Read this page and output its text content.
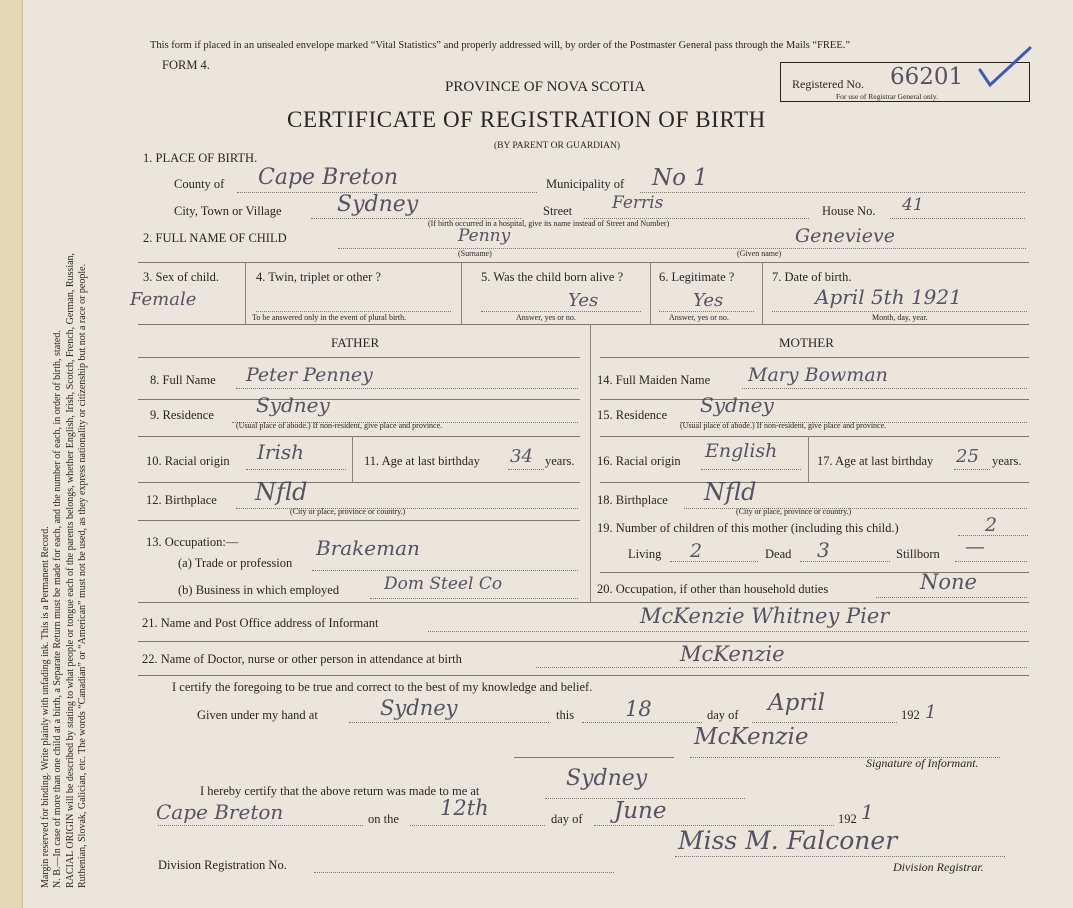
Margin reserved for binding. Write plainly with unfading ink. This is a Permanent Record. N. B.—In case of more than one child at a birth, a Separate Return must be made for each, and the number of each, in order of birth, stated. RACIAL ORIGIN will be described by stating to what people or tongue each of the parents belongs, whether English, Irish, Scotch, French, German, Russian, Ruthenian, Slovak, Galician, etc. The words “Canadian” or “American” must not be used, as they express nationality or citizenship but not a race or people.
This form if placed in an unsealed envelope marked “Vital Statistics” and properly addressed will, by order of the Postmaster General pass through the Mails “FREE.”
FORM 4.
PROVINCE OF NOVA SCOTIA
CERTIFICATE OF REGISTRATION OF BIRTH
(BY PARENT OR GUARDIAN)
Registered No. 66201
For use of Registrar General only.
1. PLACE OF BIRTH.
County of Cape Breton	Municipality of No 1
City, Town or Village	Sydney	Street Ferris	House No. 41
(If birth occurred in a hospital, give its name instead of Street and Number)
2. FULL NAME OF CHILD	Penny	Genevieve
(Surname)	(Given name)
3. Sex of child.
Female
4. Twin, triplet or other ?
To be answered only in the event of plural birth.
5. Was the child born alive ?
Yes
Answer, yes or no.
6. Legitimate ?
Yes
Answer, yes or no.
7. Date of birth.
April 5th 1921
Month, day, year.
FATHER	MOTHER
8. Full Name Peter Penney	14. Full Maiden Name Mary Bowman
9. Residence Sydney
(Usual place of abode.) If non-resident, give place and province.
15. Residence Sydney
(Usual place of abode.) If non-resident, give place and province.
10. Racial origin Irish	11. Age at last birthday 34 years. 16. Racial origin English	17. Age at last birthday 25 years.
12. Birthplace Nfld
(City or place, province or country.)
18. Birthplace Nfld
(City or place, province or country.)
13. Occupation:—
(a) Trade or profession
Brakeman
(b) Business in which employed	Dom Steel Co
19. Number of children of this mother (including this child.)	2
Living 2	Dead 3	Stillborn —
20. Occupation, if other than household duties	None
21. Name and Post Office address of Informant	McKenzie Whitney Pier
22. Name of Doctor, nurse or other person in attendance at birth	McKenzie
I certify the foregoing to be true and correct to the best of my knowledge and belief.
Given under my hand at	Sydney	this 18	day of April	192 1
McKenzie
Signature of Informant.
I hereby certify that the above return was made to me at	Sydney
Cape Breton	on the 12th	day of June	192 1
Miss M. Falconer
Division Registration No.	Division Registrar.
